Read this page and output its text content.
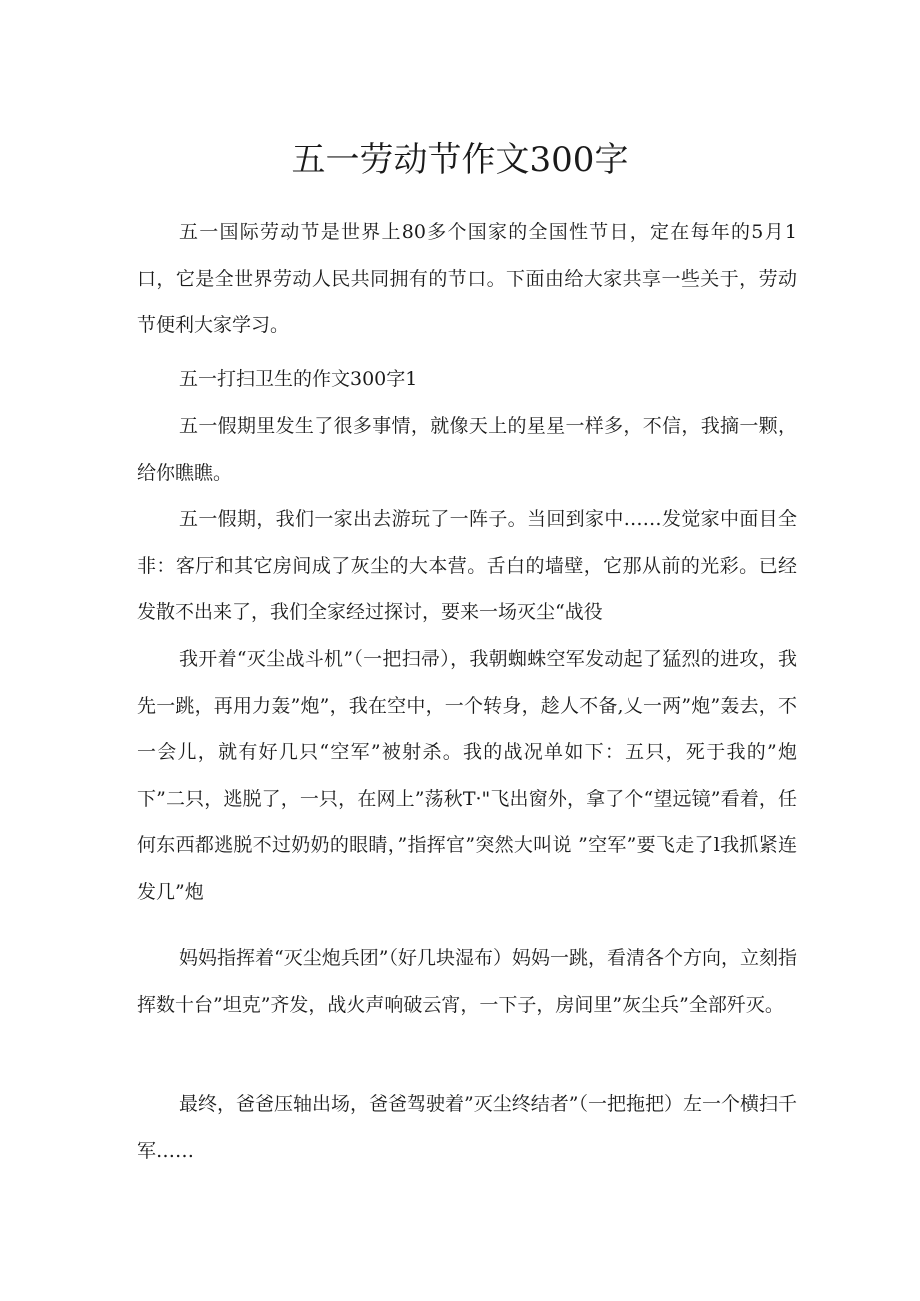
五一劳动节作文300字

五一国际劳动节是世界上80多个国家的全国性节日，定在每年的5月1口，它是全世界劳动人民共同拥有的节口。下面由给大家共享一些关于，劳动节便利大家学习。

五一打扫卫生的作文300字1

五一假期里发生了很多事情，就像天上的星星一样多，不信，我摘一颗，给你瞧瞧。

五一假期，我们一家出去游玩了一阵子。当回到家中……发觉家中面目全非：客厅和其它房间成了灰尘的大本营。舌白的墙壁，它那从前的光彩。已经发散不出来了，我们全家经过探讨，要来一场灭尘“战役

我开着“灭尘战斗机”（一把扫帚），我朝蜘蛛空军发动起了猛烈的进攻，我先一跳，再用力轰”炮”，我在空中，一个转身，趁人不备,乂一两”炮”轰去，不一会儿，就有好几只“空军”被射杀。我的战况单如下：五只，死于我的”炮下”二只，逃脱了，一只，在网上”荡秋T·"飞出窗外，拿了个“望远镜”看着，任何东西都逃脱不过奶奶的眼睛，”指挥官”突然大叫说 ”空军”要飞走了l我抓紧连发几”炮

妈妈指挥着“灭尘炮兵团”（好几块湿布）妈妈一跳，看清各个方向，立刻指挥数十台”坦克”齐发，战火声响破云宵，一下子，房间里”灰尘兵”全部歼灭。

最终，爸爸压轴出场，爸爸驾驶着”灭尘终结者”（一把拖把）左一个横扫千军……
